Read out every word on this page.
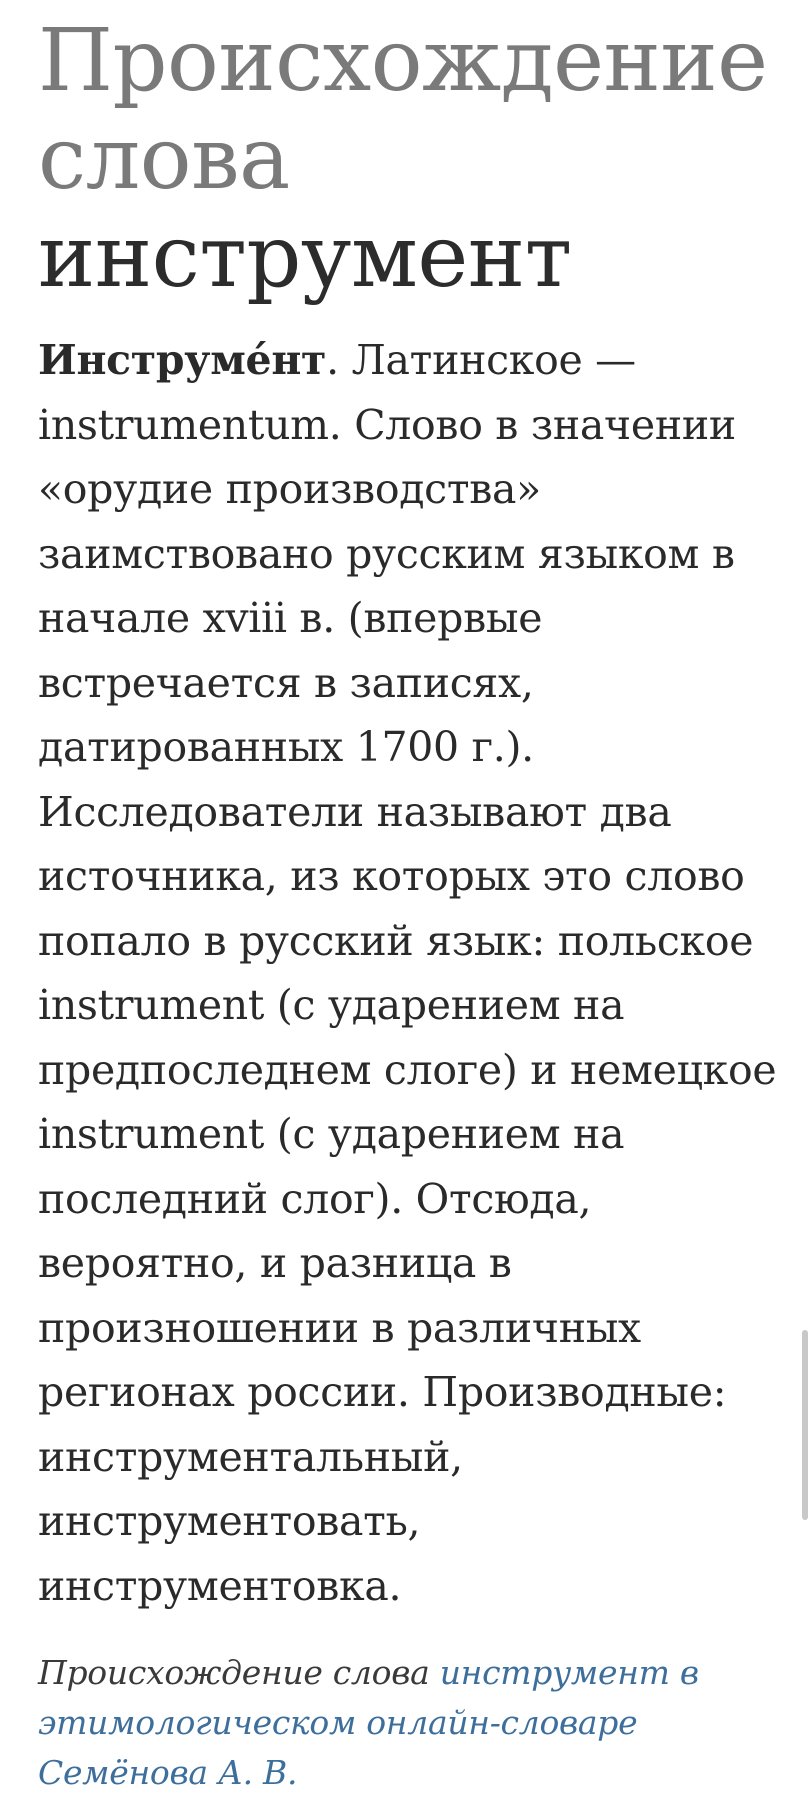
Происхождение
слова
инструмент

Инструме́нт. Латинское — instrumentum. Слово в значении «орудие производства» заимствовано русским языком в начале xviii в. (впервые встречается в записях, датированных 1700 г.). Исследователи называют два источника, из которых это слово попало в русский язык: польское instrument (с ударением на предпоследнем слоге) и немецкое instrument (с ударением на последний слог). Отсюда, вероятно, и разница в произношении в различных регионах россии. Производные: инструментальный, инструментовать, инструментовка.

Происхождение слова инструмент в этимологическом онлайн-словаре Семёнова А. В.
